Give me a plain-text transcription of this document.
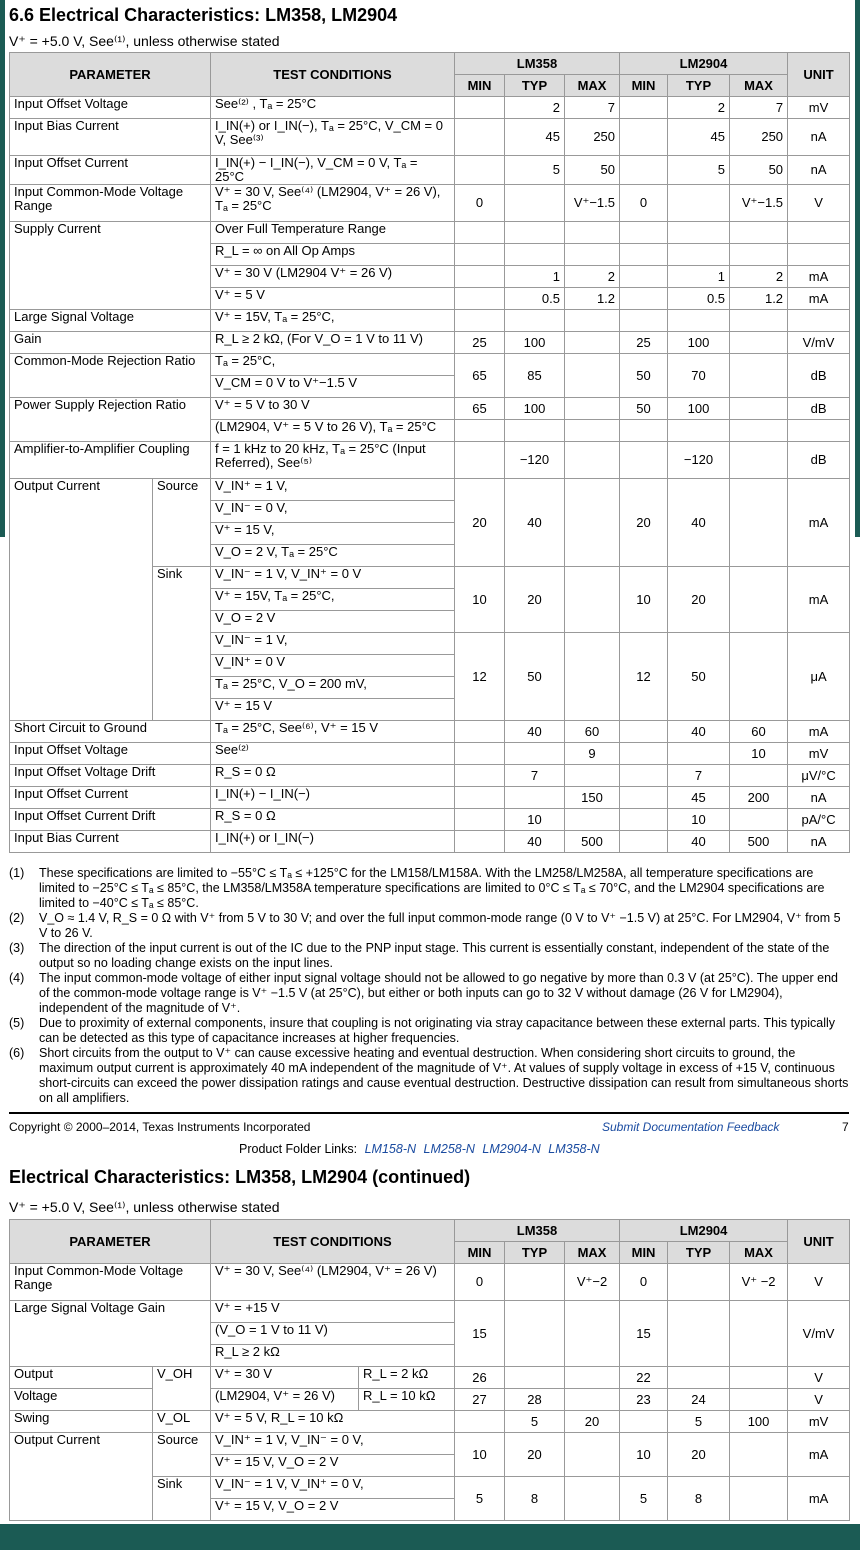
6.6 Electrical Characteristics: LM358, LM2904
V⁺ = +5.0 V, See⁽¹⁾, unless otherwise stated
PARAMETER		TEST CONDITIONS	LM358			LM2904			UNIT
			MIN	TYP	MAX	MIN	TYP	MAX	
Input Offset Voltage		See⁽²⁾ , Tₐ = 25°C		2	7		2	7	mV
Input Bias Current		I_IN(+) or I_IN(−), Tₐ = 25°C, V_CM = 0 V, See⁽³⁾		45	250		45	250	nA
Input Offset Current		I_IN(+) − I_IN(−), V_CM = 0 V, Tₐ = 25°C		5	50		5	50	nA
Input Common-Mode Voltage Range		V⁺ = 30 V, See⁽⁴⁾ (LM2904, V⁺ = 26 V), Tₐ = 25°C	0		V⁺−1.5	0		V⁺−1.5	V
Supply Current		Over Full Temperature Range							
		R_L = ∞ on All Op Amps							
		V⁺ = 30 V (LM2904 V⁺ = 26 V)		1	2		1	2	mA
		V⁺ = 5 V		0.5	1.2		0.5	1.2	mA
Large Signal Voltage		V⁺ = 15V, Tₐ = 25°C,							
Gain		R_L ≥ 2 kΩ, (For V_O = 1 V to 11 V)	25	100		25	100		V/mV
Common-Mode Rejection Ratio		Tₐ = 25°C,	65	85		50	70		dB
		V_CM = 0 V to V⁺−1.5 V							
Power Supply Rejection Ratio		V⁺ = 5 V to 30 V	65	100		50	100		dB
		(LM2904, V⁺ = 5 V to 26 V), Tₐ = 25°C							
Amplifier-to-Amplifier Coupling		f = 1 kHz to 20 kHz, Tₐ = 25°C (Input Referred), See⁽⁵⁾		−120			−120		dB
Output Current	Source	V_IN⁺ = 1 V,	20	40		20	40		mA
		V_IN⁻ = 0 V,							
		V⁺ = 15 V,							
		V_O = 2 V, Tₐ = 25°C							
	Sink	V_IN⁻ = 1 V, V_IN⁺ = 0 V	10	20		10	20		mA
		V⁺ = 15V, Tₐ = 25°C,							
		V_O = 2 V							
		V_IN⁻ = 1 V,	12	50		12	50		μA
		V_IN⁺ = 0 V							
		Tₐ = 25°C, V_O = 200 mV,							
		V⁺ = 15 V							
Short Circuit to Ground		Tₐ = 25°C, See⁽⁶⁾, V⁺ = 15 V		40	60		40	60	mA
Input Offset Voltage		See⁽²⁾			9			10	mV
Input Offset Voltage Drift		R_S = 0 Ω		7			7		μV/°C
Input Offset Current		I_IN(+) − I_IN(−)			150		45	200	nA
Input Offset Current Drift		R_S = 0 Ω		10			10		pA/°C
Input Bias Current		I_IN(+) or I_IN(−)		40	500		40	500	nA
(1)	These specifications are limited to −55°C ≤ Tₐ ≤ +125°C for the LM158/LM158A. With the LM258/LM258A, all temperature specifications are limited to −25°C ≤ Tₐ ≤ 85°C, the LM358/LM358A temperature specifications are limited to 0°C ≤ Tₐ ≤ 70°C, and the LM2904 specifications are limited to −40°C ≤ Tₐ ≤ 85°C.
(2)	V_O ≈ 1.4 V, R_S = 0 Ω with V⁺ from 5 V to 30 V; and over the full input common-mode range (0 V to V⁺ −1.5 V) at 25°C. For LM2904, V⁺ from 5 V to 26 V.
(3)	The direction of the input current is out of the IC due to the PNP input stage. This current is essentially constant, independent of the state of the output so no loading change exists on the input lines.
(4)	The input common-mode voltage of either input signal voltage should not be allowed to go negative by more than 0.3 V (at 25°C). The upper end of the common-mode voltage range is V⁺ −1.5 V (at 25°C), but either or both inputs can go to 32 V without damage (26 V for LM2904), independent of the magnitude of V⁺.
(5)	Due to proximity of external components, insure that coupling is not originating via stray capacitance between these external parts. This typically can be detected as this type of capacitance increases at higher frequencies.
(6)	Short circuits from the output to V⁺ can cause excessive heating and eventual destruction. When considering short circuits to ground, the maximum output current is approximately 40 mA independent of the magnitude of V⁺. At values of supply voltage in excess of +15 V, continuous short-circuits can exceed the power dissipation ratings and cause eventual destruction. Destructive dissipation can result from simultaneous shorts on all amplifiers.
Copyright © 2000–2014, Texas Instruments Incorporated	Submit Documentation Feedback	7
Product Folder Links: LM158-N LM258-N LM2904-N LM358-N
Electrical Characteristics: LM358, LM2904 (continued)
V⁺ = +5.0 V, See⁽¹⁾, unless otherwise stated
PARAMETER		TEST CONDITIONS		LM358			LM2904			UNIT
				MIN	TYP	MAX	MIN	TYP	MAX	
Input Common-Mode Voltage Range		V⁺ = 30 V, See⁽⁴⁾ (LM2904, V⁺ = 26 V)		0		V⁺−2	0		V⁺ −2	V
Large Signal Voltage Gain		V⁺ = +15 V		15			15			V/mV
		(V_O = 1 V to 11 V)								
		R_L ≥ 2 kΩ								
Output	V_OH	V⁺ = 30 V	R_L = 2 kΩ	26			22			V
Voltage		(LM2904, V⁺ = 26 V)	R_L = 10 kΩ	27	28		23	24		V
Swing	V_OL	V⁺ = 5 V, R_L = 10 kΩ			5	20		5	100	mV
Output Current	Source	V_IN⁺ = 1 V, V_IN⁻ = 0 V,		10	20		10	20		mA
		V⁺ = 15 V, V_O = 2 V								
	Sink	V_IN⁻ = 1 V, V_IN⁺ = 0 V,		5	8		5	8		mA
		V⁺ = 15 V, V_O = 2 V								
